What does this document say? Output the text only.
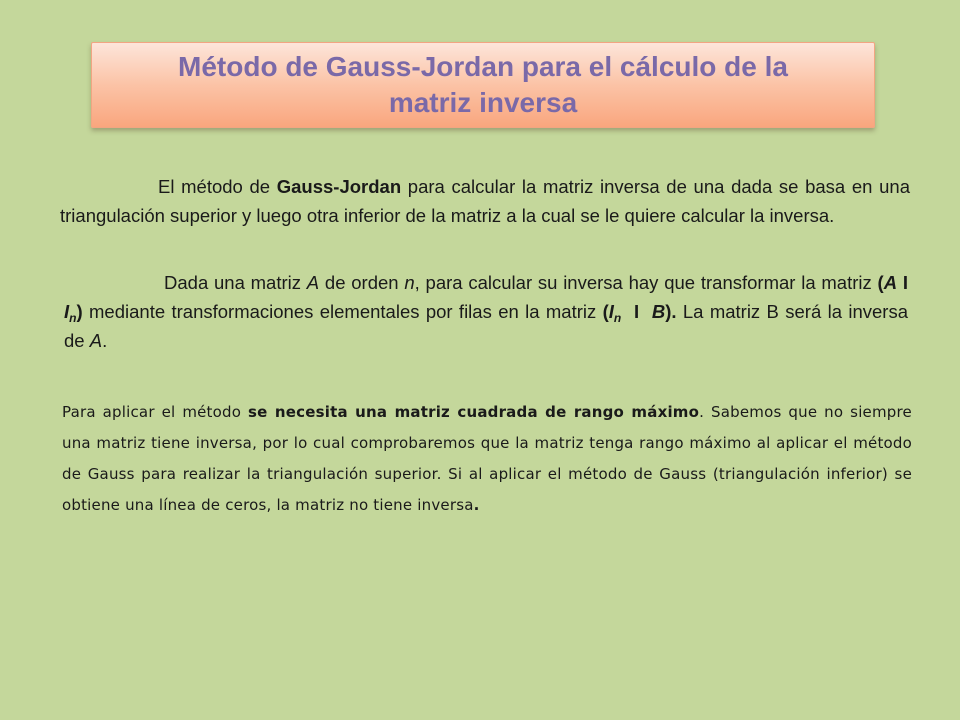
Método de Gauss-Jordan para el cálculo de la
matriz inversa

El método de Gauss-Jordan para calcular la matriz inversa de una dada se basa en una triangulación superior y luego otra inferior de la matriz a la cual se le quiere calcular la inversa.

Dada una matriz A de orden n, para calcular su inversa hay que transformar la matriz (A I $I_n$) mediante transformaciones elementales por filas en la matriz ($I_n$  I  B). La matriz B será la inversa de A.

Para aplicar el método se necesita una matriz cuadrada de rango máximo. Sabemos que no siempre una matriz tiene inversa, por lo cual comprobaremos que la matriz tenga rango máximo al aplicar el método de Gauss para realizar la triangulación superior. Si al aplicar el método de Gauss (triangulación inferior) se obtiene una línea de ceros, la matriz no tiene inversa.
